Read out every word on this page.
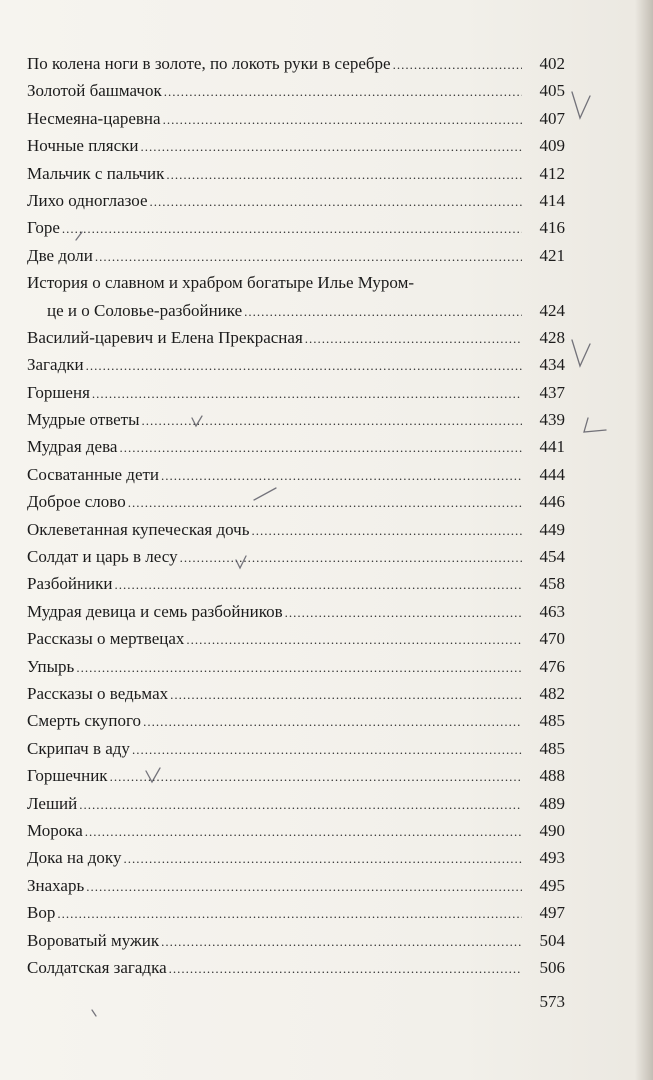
По колена ноги в золоте, по локоть руки в серебре .....	402
Золотой башмачок .....	405
Несмеяна-царевна .....	407
Ночные пляски .....	409
Мальчик с пальчик .....	412
Лихо одноглазое .....	414
Горе .....	416
Две доли .....	421
История о славном и храбром богатыре Илье Муром-
це и о Соловье-разбойнике .....	424
Василий-царевич и Елена Прекрасная .....	428
Загадки .....	434
Горшеня .....	437
Мудрые ответы .....	439
Мудрая дева .....	441
Сосватанные дети .....	444
Доброе слово .....	446
Оклеветанная купеческая дочь .....	449
Солдат и царь в лесу .....	454
Разбойники .....	458
Мудрая девица и семь разбойников .....	463
Рассказы о мертвецах .....	470
Упырь .....	476
Рассказы о ведьмах .....	482
Смерть скупого .....	485
Скрипач в аду .....	485
Горшечник .....	488
Леший .....	489
Морока .....	490
Дока на доку .....	493
Знахарь .....	495
Вор .....	497
Вороватый мужик .....	504
Солдатская загадка .....	506
573
